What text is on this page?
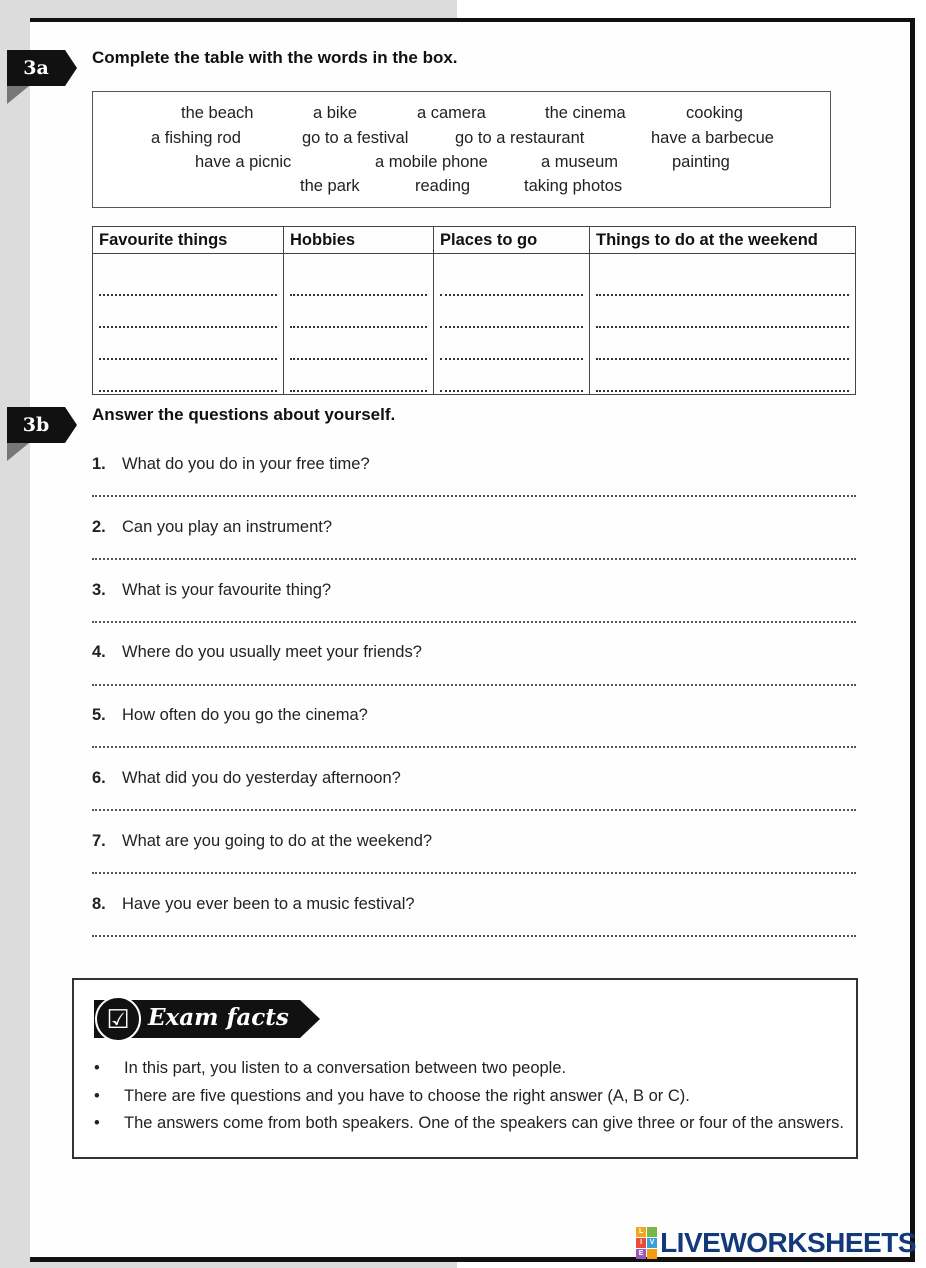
3a	Complete the table with the words in the box.
the beach	a bike	a camera	the cinema	cooking
a fishing rod	go to a festival	go to a restaurant	have a barbecue
have a picnic	a mobile phone	a museum	painting
the park	reading	taking photos
Favourite things	Hobbies	Places to go	Things to do at the weekend

3b	Answer the questions about yourself.
1. What do you do in your free time?
2. Can you play an instrument?
3. What is your favourite thing?
4. Where do you usually meet your friends?
5. How often do you go the cinema?
6. What did you do yesterday afternoon?
7. What are you going to do at the weekend?
8. Have you ever been to a music festival?
☑ Exam facts
• In this part, you listen to a conversation between two people.
• There are five questions and you have to choose the right answer (A, B or C).
• The answers come from both speakers. One of the speakers can give three or four of the answers.
L
I	V
E LIVEWORKSHEETS
